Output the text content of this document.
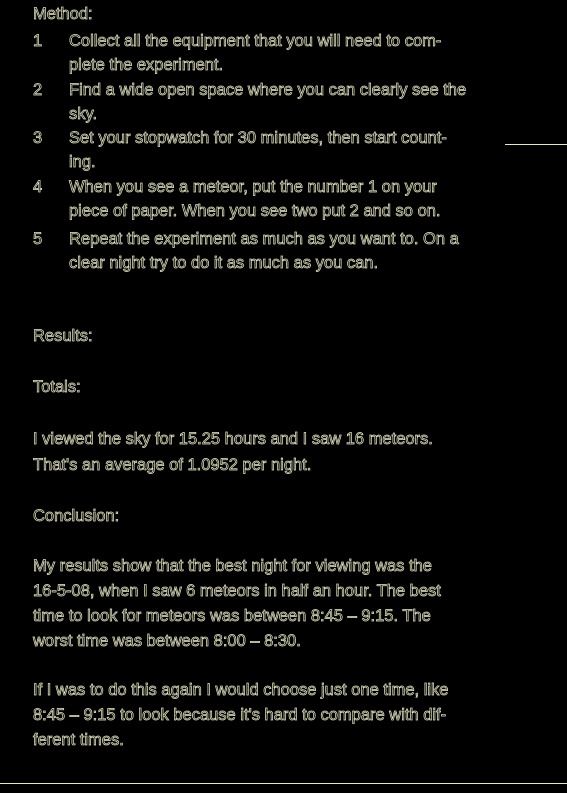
Method:
1 Collect all the equipment that you will need to com-
plete the experiment.
2 Find a wide open space where you can clearly see the
sky.
3 Set your stopwatch for 30 minutes, then start count-
ing.
4 When you see a meteor, put the number 1 on your
piece of paper. When you see two put 2 and so on.
5 Repeat the experiment as much as you want to. On a
clear night try to do it as much as you can.
Results:
Totals:
I viewed the sky for 15.25 hours and I saw 16 meteors.
That's an average of 1.0952 per night.
Conclusion:
My results show that the best night for viewing was the
16-5-08, when I saw 6 meteors in half an hour. The best
time to look for meteors was between 8:45 – 9:15. The
worst time was between 8:00 – 8:30.
If I was to do this again I would choose just one time, like
8:45 – 9:15 to look because it's hard to compare with dif-
ferent times.
